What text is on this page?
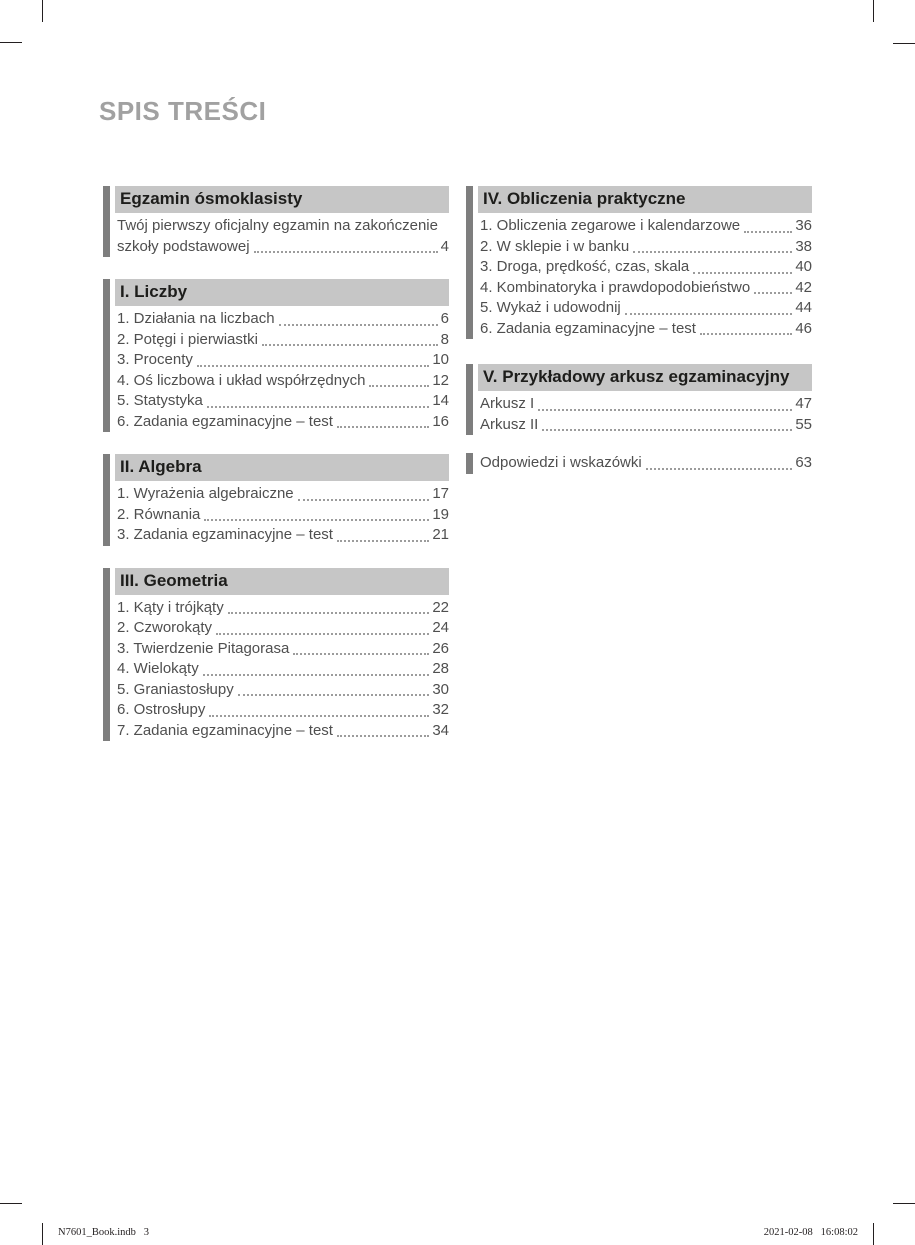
SPIS TREŚCI
Egzamin ósmoklasisty
Twój pierwszy oficjalny egzamin na zakończenie
szkoły podstawowej	4
I. Liczby
1. Działania na liczbach	6
2. Potęgi i pierwiastki	8
3. Procenty	10
4. Oś liczbowa i układ współrzędnych	12
5. Statystyka	14
6. Zadania egzaminacyjne – test	16
II. Algebra
1. Wyrażenia algebraiczne	17
2. Równania	19
3. Zadania egzaminacyjne – test	21
III. Geometria
1. Kąty i trójkąty	22
2. Czworokąty	24
3. Twierdzenie Pitagorasa	26
4. Wielokąty	28
5. Graniastosłupy	30
6. Ostrosłupy	32
7. Zadania egzaminacyjne – test	34
IV. Obliczenia praktyczne
1. Obliczenia zegarowe i kalendarzowe	36
2. W sklepie i w banku	38
3. Droga, prędkość, czas, skala	40
4. Kombinatoryka i prawdopodobieństwo	42
5. Wykaż i udowodnij	44
6. Zadania egzaminacyjne – test	46
V. Przykładowy arkusz egzaminacyjny
Arkusz I	47
Arkusz II	55
Odpowiedzi i wskazówki	63
N7601_Book.indb   3	2021-02-08   16:08:02
